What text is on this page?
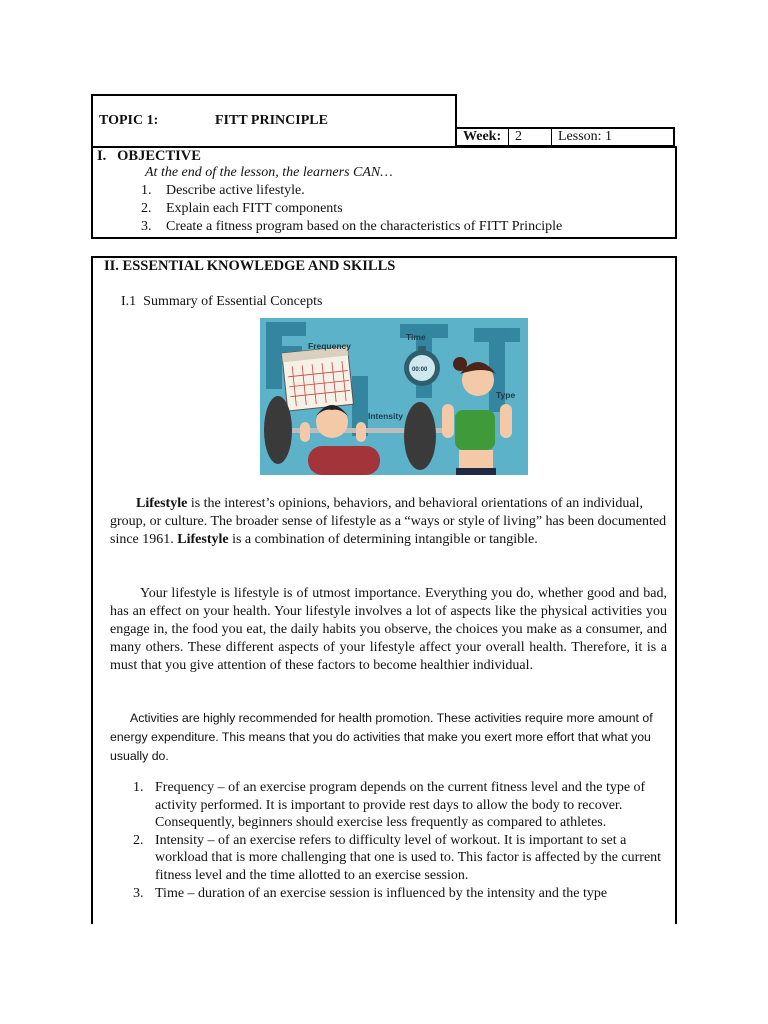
TOPIC 1:	FITT PRINCIPLE
Week: 2	Lesson: 1
I.   OBJECTIVE
At the end of the lesson, the learners CAN…
1. Describe active lifestyle.
2. Explain each FITT components
3. Create a fitness program based on the characteristics of FITT Principle
II. ESSENTIAL KNOWLEDGE AND SKILLS
I.1  Summary of Essential Concepts
Frequency
Time
Intensity
Type
00:00

Lifestyle is the interest’s opinions, behaviors, and behavioral orientations of an individual, group, or culture. The broader sense of lifestyle as a “ways or style of living” has been documented since 1961. Lifestyle is a combination of determining intangible or tangible.

Your lifestyle is lifestyle is of utmost importance. Everything you do, whether good and bad, has an effect on your health. Your lifestyle involves a lot of aspects like the physical activities you engage in, the food you eat, the daily habits you observe, the choices you make as a consumer, and many others. These different aspects of your lifestyle affect your overall health. Therefore, it is a must that you give attention of these factors to become healthier individual.

Activities are highly recommended for health promotion. These activities require more amount of energy expenditure. This means that you do activities that make you exert more effort that what you usually do.

1. Frequency – of an exercise program depends on the current fitness level and the type of activity performed. It is important to provide rest days to allow the body to recover. Consequently, beginners should exercise less frequently as compared to athletes.
2. Intensity – of an exercise refers to difficulty level of workout. It is important to set a workload that is more challenging that one is used to. This factor is affected by the current fitness level and the time allotted to an exercise session.
3. Time – duration of an exercise session is influenced by the intensity and the type
